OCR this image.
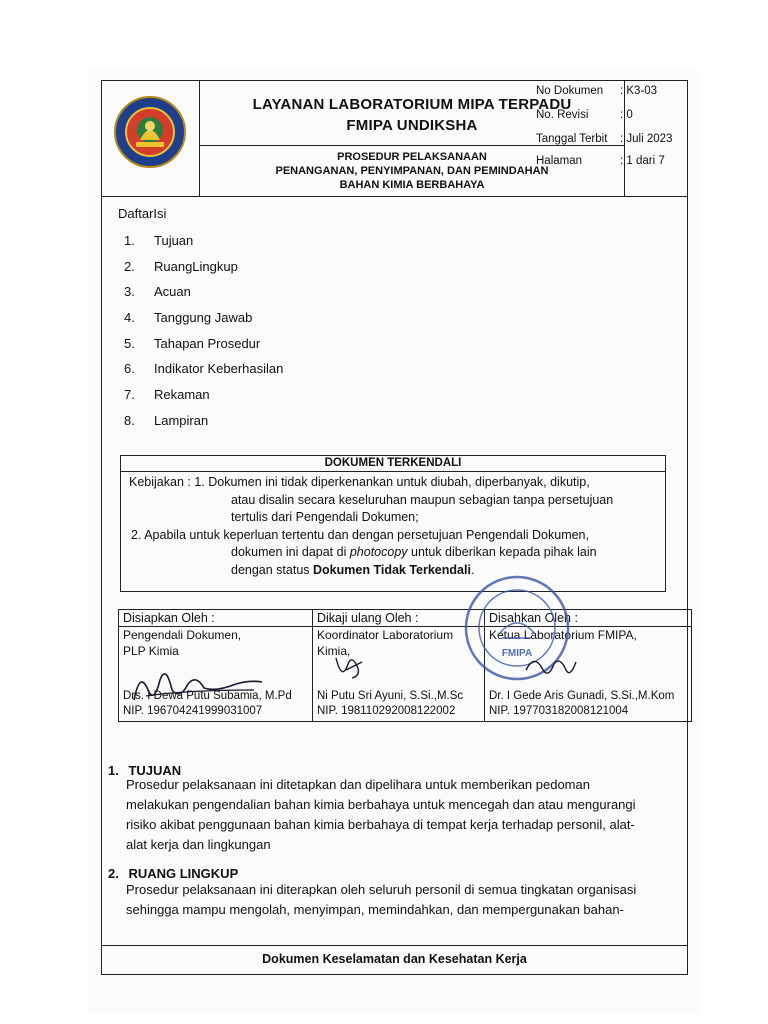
LAYANAN LABORATORIUM MIPA TERPADU
FMIPA UNDIKSHA
PROSEDUR PELAKSANAAN
PENANGANAN, PENYIMPANAN, DAN PEMINDAHAN
BAHAN KIMIA BERBAHAYA
No Dokumen : K3-03
No. Revisi	: 0
Tanggal Terbit : Juli 2023
Halaman	: 1 dari 7
DaftarIsi
1. Tujuan
2. RuangLingkup
3. Acuan
4. Tanggung Jawab
5. Tahapan Prosedur
6. Indikator Keberhasilan
7. Rekaman
8. Lampiran
DOKUMEN TERKENDALI

Kebijakan : 1. Dokumen ini tidak diperkenankan untuk diubah, diperbanyak, dikutip,

atau disalin secara keseluruhan maupun sebagian tanpa persetujuan

tertulis dari Pengendali Dokumen;

2. Apabila untuk keperluan tertentu dan dengan persetujuan Pengendali Dokumen,

dokumen ini dapat di photocopy untuk diberikan kepada pihak lain

dengan status Dokumen Tidak Terkendali.

Disiapkan Oleh :
Pengendali Dokumen,
PLP Kimia
Drs. I Dewa Putu Subamia, M.Pd
NIP. 196704241999031007
Dikaji ulang Oleh :
Koordinator Laboratorium
Kimia,
Ni Putu Sri Ayuni, S.Si.,M.Sc
NIP. 198110292008122002
Disahkan Oleh :
Ketua Laboratorium FMIPA,
Dr. I Gede Aris Gunadi, S.Si.,M.Kom
NIP. 197703182008121004
FMIPA
1. TUJUAN
Prosedur pelaksanaan ini ditetapkan dan dipelihara untuk memberikan pedoman
melakukan pengendalian bahan kimia berbahaya untuk mencegah dan atau mengurangi
risiko akibat penggunaan bahan kimia berbahaya di tempat kerja terhadap personil, alat-
alat kerja dan lingkungan
2. RUANG LINGKUP
Prosedur pelaksanaan ini diterapkan oleh seluruh personil di semua tingkatan organisasi
sehingga mampu mengolah, menyimpan, memindahkan, dan mempergunakan bahan-
Dokumen Keselamatan dan Kesehatan Kerja
